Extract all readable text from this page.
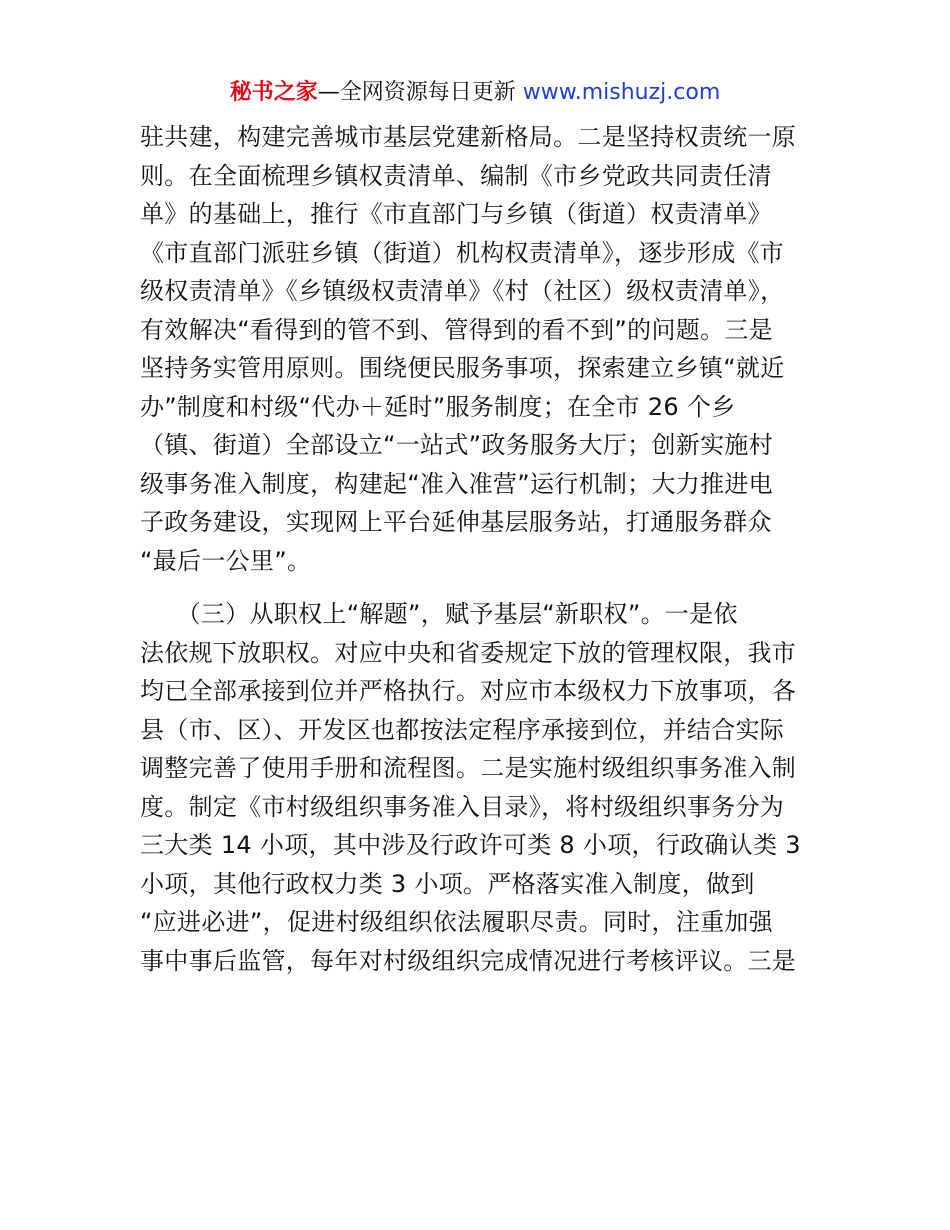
秘书之家—全网资源每日更新 www.mishuzj.com
驻共建，构建完善城市基层党建新格局。二是坚持权责统一原
则。在全面梳理乡镇权责清单、编制《市乡党政共同责任清
单》的基础上，推行《市直部门与乡镇（街道）权责清单》
《市直部门派驻乡镇（街道）机构权责清单》，逐步形成《市
级权责清单》《乡镇级权责清单》《村（社区）级权责清单》，
有效解决“看得到的管不到、管得到的看不到”的问题。三是
坚持务实管用原则。围绕便民服务事项，探索建立乡镇“就近
办”制度和村级“代办＋延时”服务制度；在全市 26 个乡
（镇、街道）全部设立“一站式”政务服务大厅；创新实施村
级事务准入制度，构建起“准入准营”运行机制；大力推进电
子政务建设，实现网上平台延伸基层服务站，打通服务群众
“最后一公里”。
　　（三）从职权上“解题”，赋予基层“新职权”。一是依
法依规下放职权。对应中央和省委规定下放的管理权限，我市
均已全部承接到位并严格执行。对应市本级权力下放事项，各
县（市、区）、开发区也都按法定程序承接到位，并结合实际
调整完善了使用手册和流程图。二是实施村级组织事务准入制
度。制定《市村级组织事务准入目录》，将村级组织事务分为
三大类 14 小项，其中涉及行政许可类 8 小项，行政确认类 3
小项，其他行政权力类 3 小项。严格落实准入制度，做到
“应进必进”，促进村级组织依法履职尽责。同时，注重加强
事中事后监管，每年对村级组织完成情况进行考核评议。三是
